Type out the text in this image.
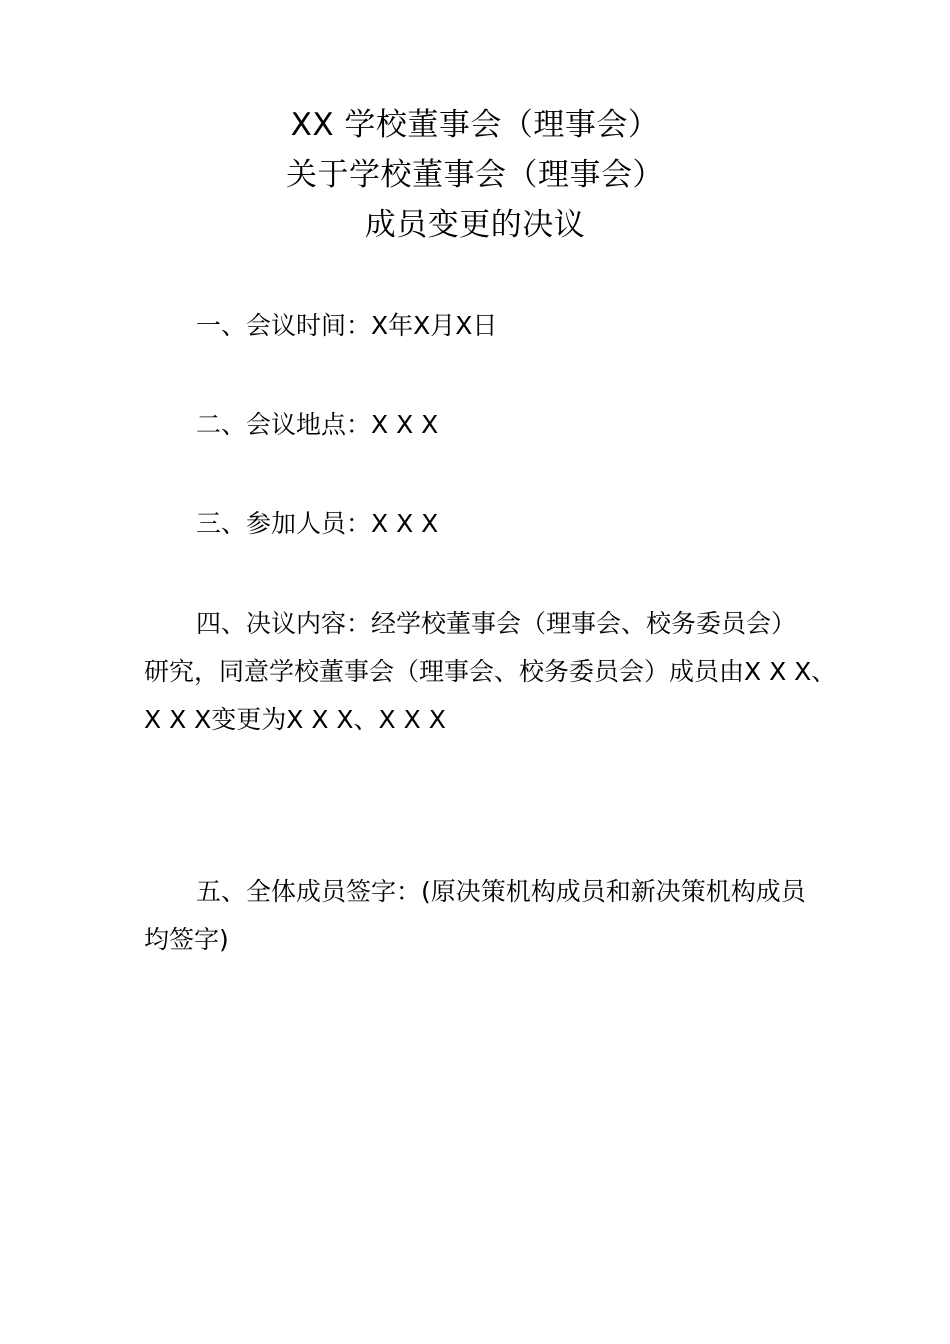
XX 学校董事会（理事会）
关于学校董事会（理事会）
成员变更的决议
一、会议时间：X年X月X日
二、会议地点：X X X
三、参加人员：X X X
四、决议内容：经学校董事会（理事会、校务委员会）
研究，同意学校董事会（理事会、校务委员会）成员由X X X、
X X X变更为X X X、X X X
五、全体成员签字：(原决策机构成员和新决策机构成员
均签字)
